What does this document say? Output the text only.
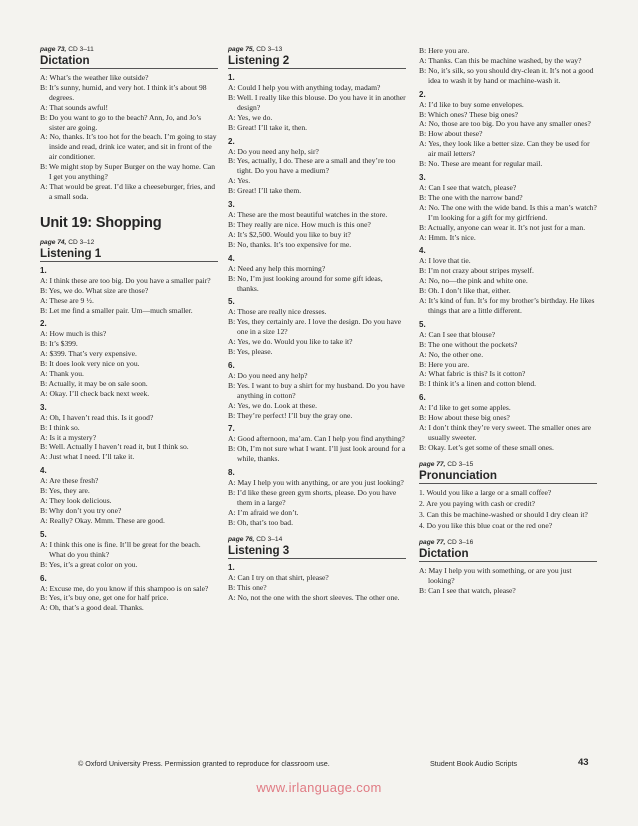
page 73, CD 3–11
Dictation
A: What’s the weather like outside?
B: It’s sunny, humid, and very hot. I think it’s about 98 degrees.
A: That sounds awful!
B: Do you want to go to the beach? Ann, Jo, and Jo’s sister are going.
A: No, thanks. It’s too hot for the beach. I’m going to stay inside and read, drink ice water, and sit in front of the air conditioner.
B: We might stop by Super Burger on the way home. Can I get you anything?
A: That would be great. I’d like a cheeseburger, fries, and a small soda.
Unit 19: Shopping
page 74, CD 3–12
Listening 1
1.
A: I think these are too big. Do you have a smaller pair?
B: Yes, we do. What size are those?
A: These are 9 ½.
B: Let me find a smaller pair. Um—much smaller.
2.
A: How much is this?
B: It’s $399.
A: $399. That’s very expensive.
B: It does look very nice on you.
A: Thank you.
B: Actually, it may be on sale soon.
A: Okay. I’ll check back next week.
3.
A: Oh, I haven’t read this. Is it good?
B: I think so.
A: Is it a mystery?
B: Well. Actually I haven’t read it, but I think so.
A: Just what I need. I’ll take it.
4.
A: Are these fresh?
B: Yes, they are.
A: They look delicious.
B: Why don’t you try one?
A: Really? Okay. Mmm. These are good.
5.
A: I think this one is fine. It’ll be great for the beach. What do you think?
B: Yes, it’s a great color on you.
6.
A: Excuse me, do you know if this shampoo is on sale?
B: Yes, it’s buy one, get one for half price.
A: Oh, that’s a good deal. Thanks.
page 75, CD 3–13
Listening 2
1.
A: Could I help you with anything today, madam?
B: Well. I really like this blouse. Do you have it in another design?
A: Yes, we do.
B: Great! I’ll take it, then.
2.
A: Do you need any help, sir?
B: Yes, actually, I do. These are a small and they’re too tight. Do you have a medium?
A: Yes.
B: Great! I’ll take them.
3.
A: These are the most beautiful watches in the store.
B: They really are nice. How much is this one?
A: It’s $2,500. Would you like to buy it?
B: No, thanks. It’s too expensive for me.
4.
A: Need any help this morning?
B: No, I’m just looking around for some gift ideas, thanks.
5.
A: Those are really nice dresses.
B: Yes, they certainly are. I love the design. Do you have one in a size 12?
A: Yes, we do. Would you like to take it?
B: Yes, please.
6.
A: Do you need any help?
B: Yes. I want to buy a shirt for my husband. Do you have anything in cotton?
A: Yes, we do. Look at these.
B: They’re perfect! I’ll buy the gray one.
7.
A: Good afternoon, ma’am. Can I help you find anything?
B: Oh, I’m not sure what I want. I’ll just look around for a while, thanks.
8.
A: May I help you with anything, or are you just looking?
B: I’d like these green gym shorts, please. Do you have them in a large?
A: I’m afraid we don’t.
B: Oh, that’s too bad.
page 76, CD 3–14
Listening 3
1.
A: Can I try on that shirt, please?
B: This one?
A: No, not the one with the short sleeves. The other one.
B: Here you are.
A: Thanks. Can this be machine washed, by the way?
B: No, it’s silk, so you should dry-clean it. It’s not a good idea to wash it by hand or machine-wash it.
2.
A: I’d like to buy some envelopes.
B: Which ones? These big ones?
A: No, those are too big. Do you have any smaller ones?
B: How about these?
A: Yes, they look like a better size. Can they be used for air mail letters?
B: No. These are meant for regular mail.
3.
A: Can I see that watch, please?
B: The one with the narrow band?
A: No. The one with the wide band. Is this a man’s watch? I’m looking for a gift for my girlfriend.
B: Actually, anyone can wear it. It’s not just for a man.
A: Hmm. It’s nice.
4.
A: I love that tie.
B: I’m not crazy about stripes myself.
A: No, no—the pink and white one.
B: Oh. I don’t like that, either.
A: It’s kind of fun. It’s for my brother’s birthday. He likes things that are a little different.
5.
A: Can I see that blouse?
B: The one without the pockets?
A: No, the other one.
B: Here you are.
A: What fabric is this? Is it cotton?
B: I think it’s a linen and cotton blend.
6.
A: I’d like to get some apples.
B: How about these big ones?
A: I don’t think they’re very sweet. The smaller ones are usually sweeter.
B: Okay. Let’s get some of these small ones.
page 77, CD 3–15
Pronunciation
1. Would you like a large or a small coffee?
2. Are you paying with cash or credit?
3. Can this be machine-washed or should I dry clean it?
4. Do you like this blue coat or the red one?
page 77, CD 3–16
Dictation
A: May I help you with something, or are you just looking?
B: Can I see that watch, please?
© Oxford University Press. Permission granted to reproduce for classroom use.	Student Book Audio Scripts	43
www.irlanguage.com
